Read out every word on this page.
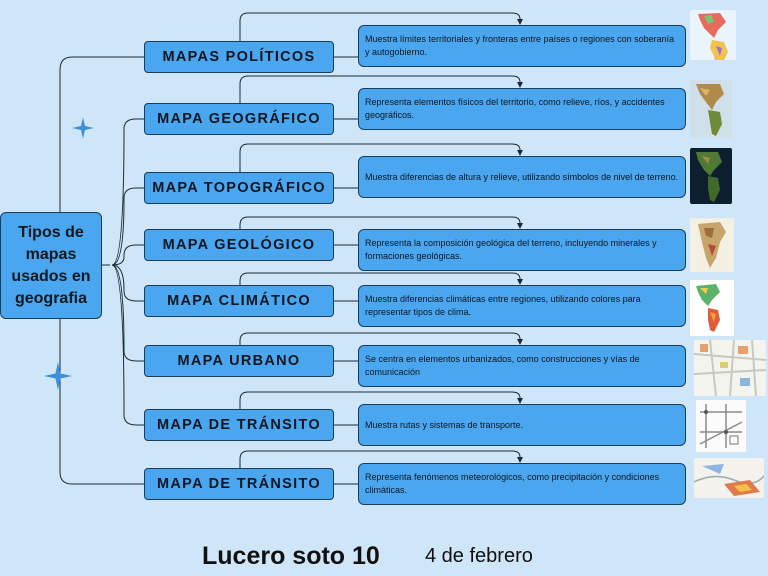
Tipos de mapas usados en geografia
MAPAS POLÍTICOS
Muestra límites territoriales y fronteras entre países o regiones con soberanía y autogobierno.
MAPA GEOGRÁFICO
Representa elementos físicos del territorio, como relieve, ríos, y accidentes geográficos.
MAPA TOPOGRÁFICO
Muestra diferencias de altura y relieve, utilizando símbolos de nivel de terreno.
MAPA GEOLÓGICO	Representa la composición geológica del terreno, incluyendo minerales y formaciones geológicas.
MAPA CLIMÁTICO	Muestra diferencias climáticas entre regiones, utilizando colores para representar tipos de clima.
MAPA URBANO	Se centra en elementos urbanizados, como construcciones y vías de comunicación
MAPA DE TRÁNSITO	Muestra rutas y sistemas de transporte.
MAPA DE TRÁNSITO	Representa fenómenos meteorológicos, como precipitación y condiciones climáticas.
Lucero soto 10 4 de febrero
